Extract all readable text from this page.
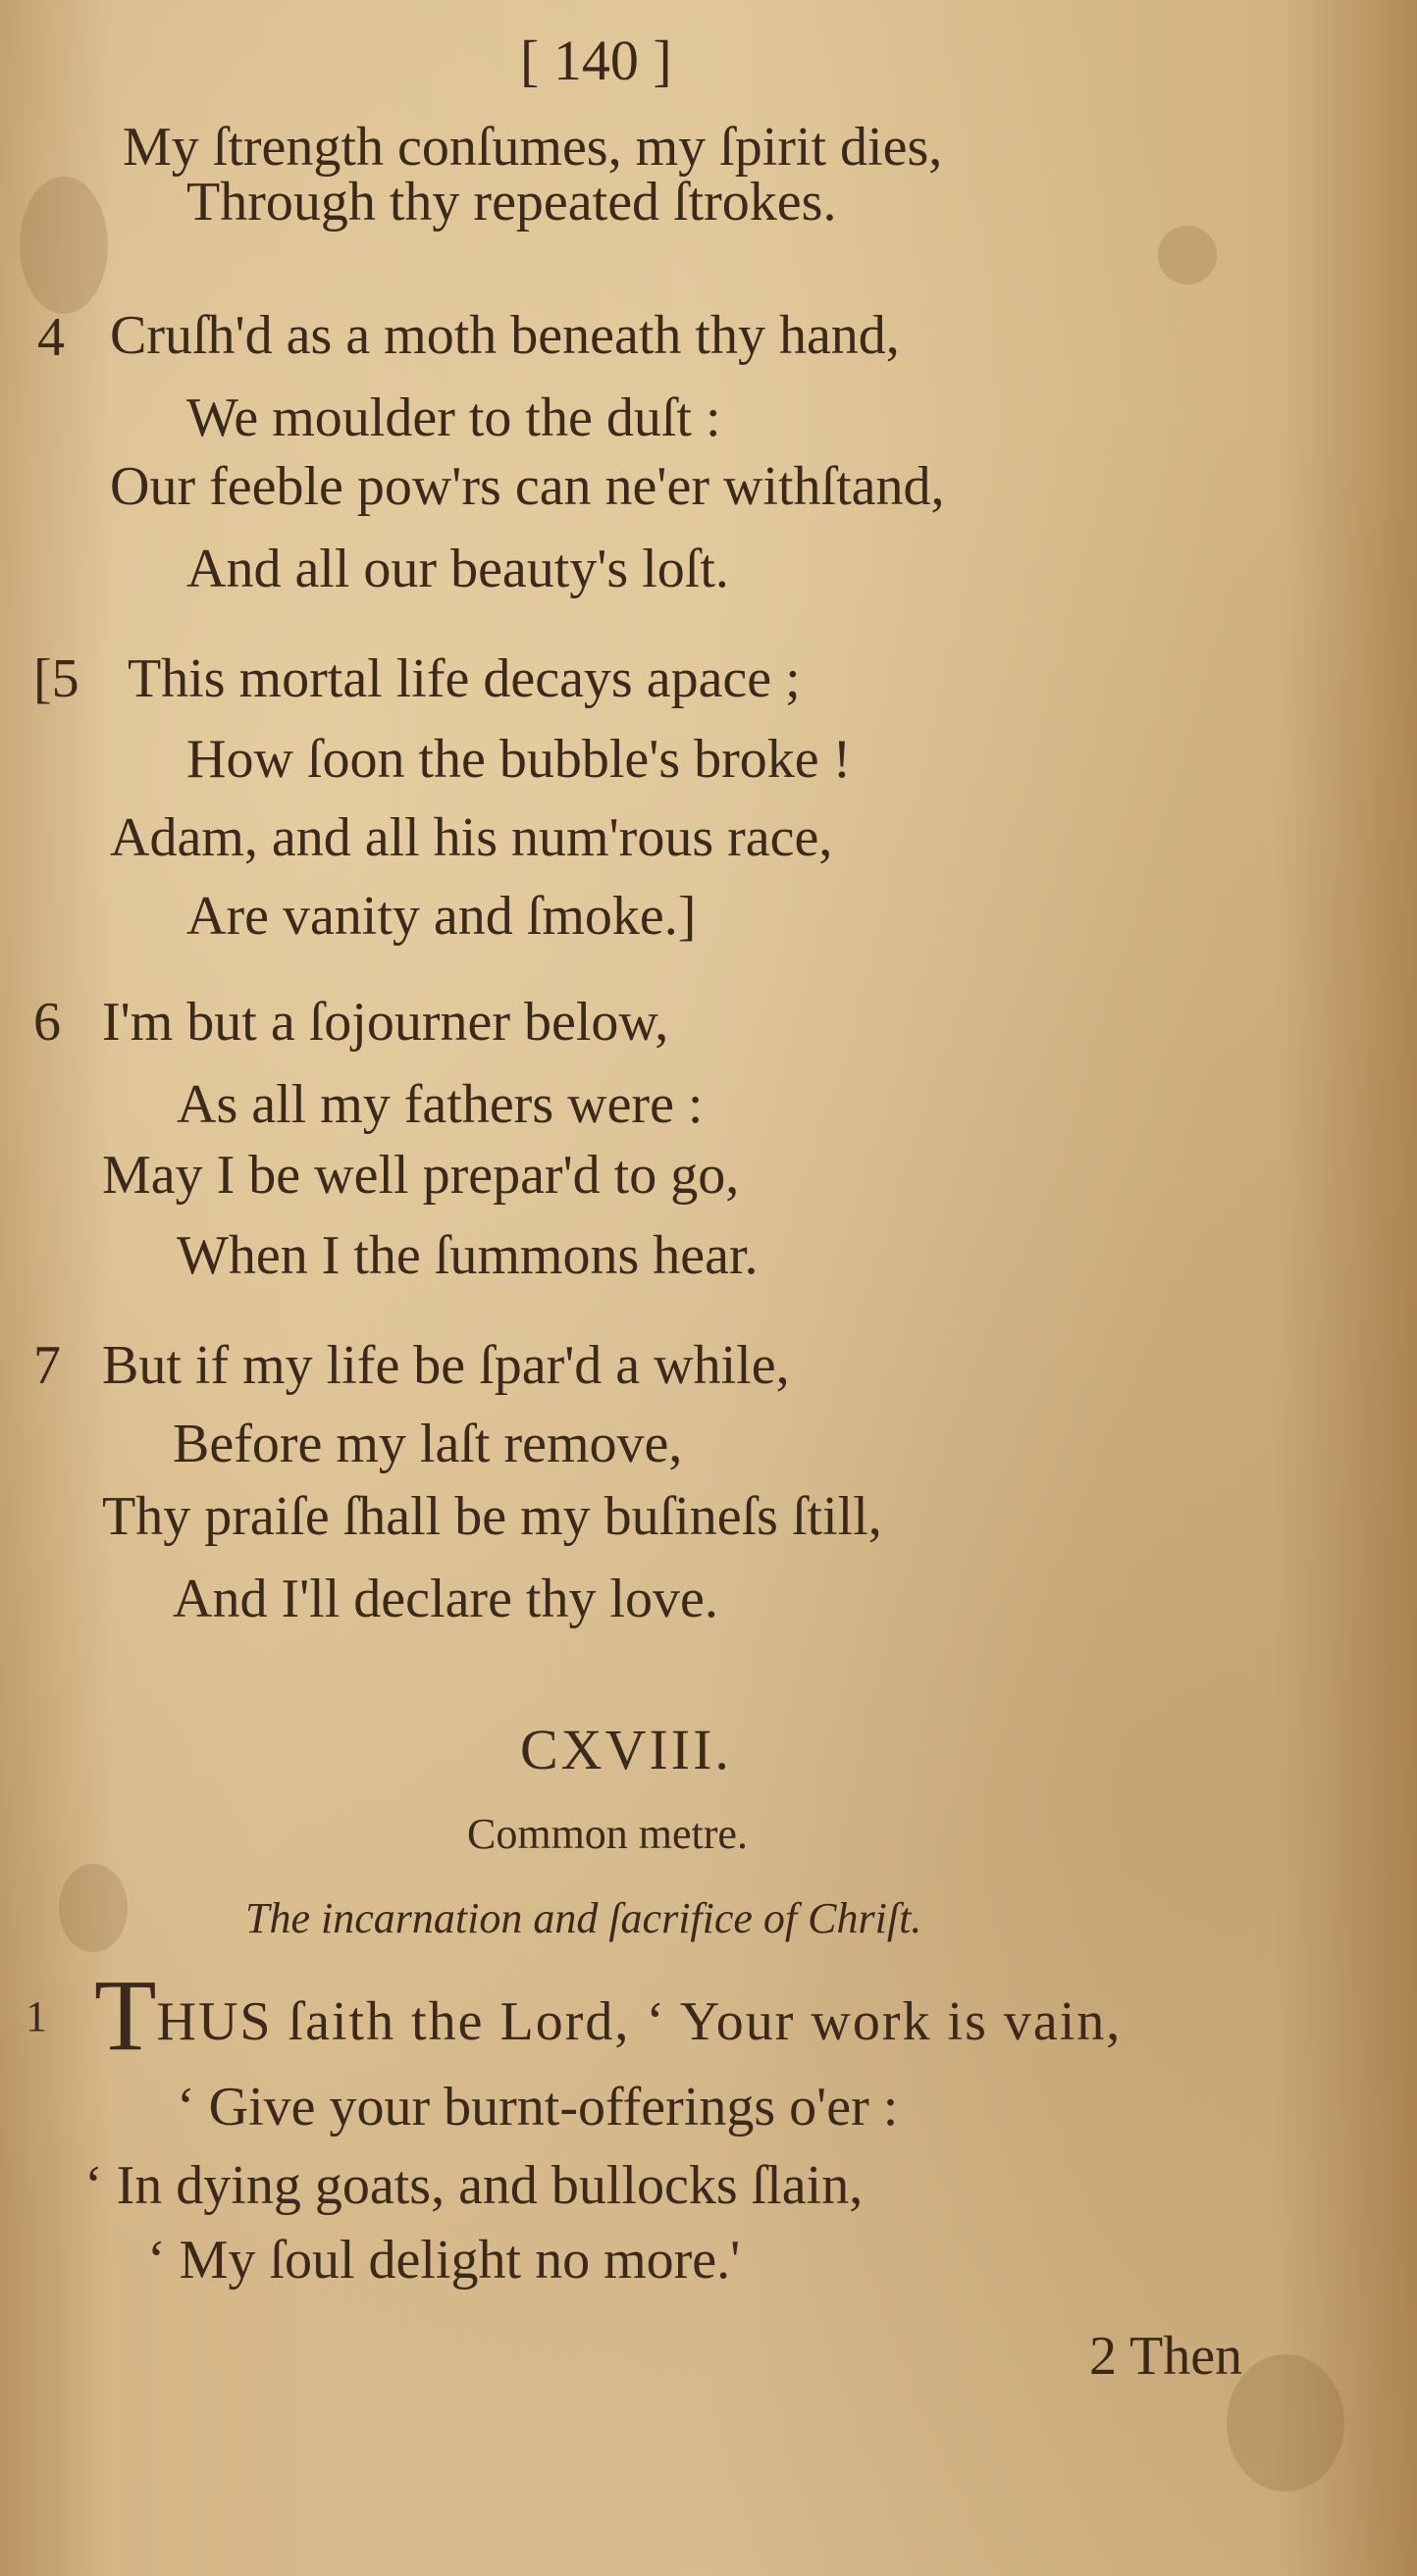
[ 140 ]
My ſtrength conſumes, my ſpirit dies,
Through thy repeated ſtrokes.
4 Cruſh'd as a moth beneath thy hand,
We moulder to the duſt :
Our feeble pow'rs can ne'er withſtand,
And all our beauty's loſt.
[5 This mortal life decays apace ;
How ſoon the bubble's broke !
Adam, and all his num'rous race,
Are vanity and ſmoke.]
6 I'm but a ſojourner below,
As all my fathers were :
May I be well prepar'd to go,
When I the ſummons hear.
7 But if my life be ſpar'd a while,
Before my laſt remove,
Thy praiſe ſhall be my buſineſs ſtill,
And I'll declare thy love.
CXVIII.
Common metre.
The incarnation and ſacrifice of Chriſt.
1 THUS ſaith the Lord, ‘ Your work is vain,
‘ Give your burnt-offerings o'er :
‘ In dying goats, and bullocks ſlain,
‘ My ſoul delight no more.'
2 Then
